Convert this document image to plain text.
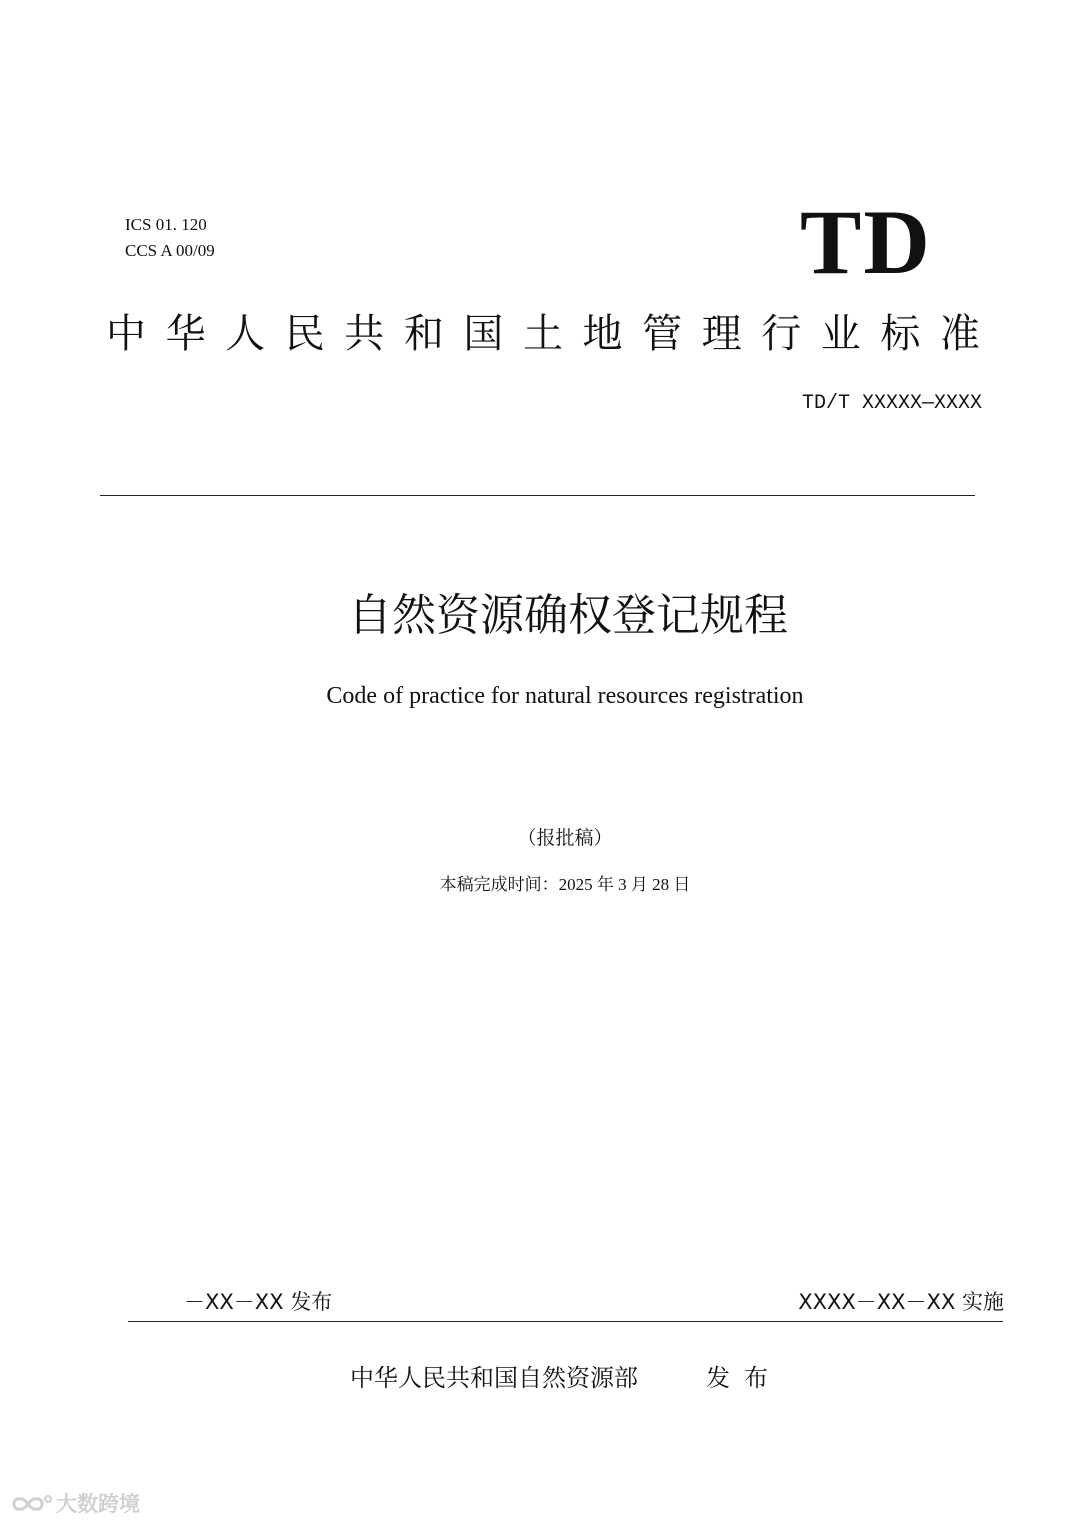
ICS 01. 120
CCS A 00/09	TD
中 华 人 民 共 和 国 土 地 管 理 行 业 标 准
TD/T XXXXX—XXXX
自然资源确权登记规程
Code of practice for natural resources registration
（报批稿）
本稿完成时间：2025 年 3 月 28 日
－XX－XX 发布	XXXX－XX－XX 实施
中华人民共和国自然资源部	发布
大数跨境
